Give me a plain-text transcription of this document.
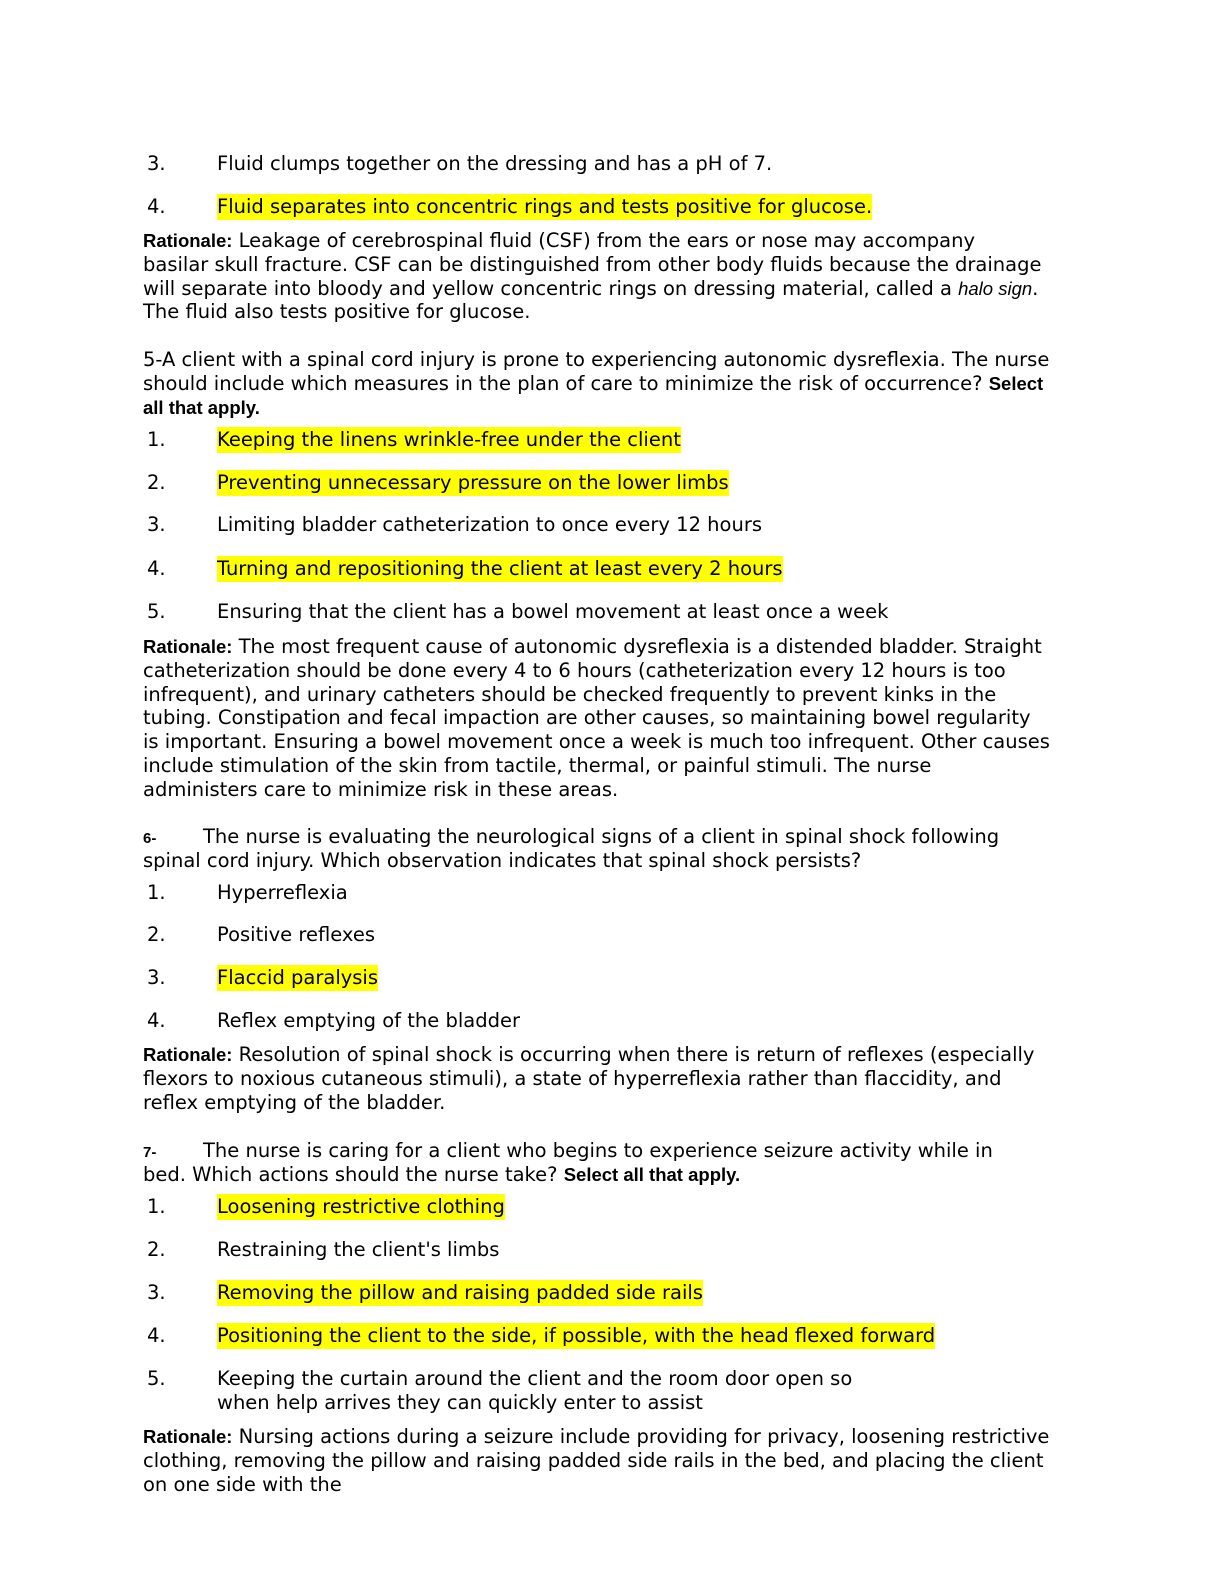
3.	Fluid clumps together on the dressing and has a pH of 7.
4.	Fluid separates into concentric rings and tests positive for glucose.
Rationale: Leakage of cerebrospinal fluid (CSF) from the ears or nose may accompany
basilar skull fracture. CSF can be distinguished from other body fluids because the drainage
will separate into bloody and yellow concentric rings on dressing material, called a halo sign.
The fluid also tests positive for glucose.
5-A client with a spinal cord injury is prone to experiencing autonomic dysreflexia. The nurse
should include which measures in the plan of care to minimize the risk of occurrence? Select
all that apply.
1.	Keeping the linens wrinkle-free under the client
2.	Preventing unnecessary pressure on the lower limbs
3.	Limiting bladder catheterization to once every 12 hours
4.	Turning and repositioning the client at least every 2 hours
5.	Ensuring that the client has a bowel movement at least once a week
Rationale: The most frequent cause of autonomic dysreflexia is a distended bladder. Straight
catheterization should be done every 4 to 6 hours (catheterization every 12 hours is too
infrequent), and urinary catheters should be checked frequently to prevent kinks in the
tubing. Constipation and fecal impaction are other causes, so maintaining bowel regularity
is important. Ensuring a bowel movement once a week is much too infrequent. Other causes
include stimulation of the skin from tactile, thermal, or painful stimuli. The nurse
administers care to minimize risk in these areas.
6- The nurse is evaluating the neurological signs of a client in spinal shock following
spinal cord injury. Which observation indicates that spinal shock persists?
1.	Hyperreflexia
2.	Positive reflexes
3.	Flaccid paralysis
4.	Reflex emptying of the bladder
Rationale: Resolution of spinal shock is occurring when there is return of reflexes (especially
flexors to noxious cutaneous stimuli), a state of hyperreflexia rather than flaccidity, and
reflex emptying of the bladder.
7- The nurse is caring for a client who begins to experience seizure activity while in
bed. Which actions should the nurse take? Select all that apply.
1.	Loosening restrictive clothing
2.	Restraining the client's limbs
3.	Removing the pillow and raising padded side rails
4.	Positioning the client to the side, if possible, with the head flexed forward
5.	Keeping the curtain around the client and the room door open so
when help arrives they can quickly enter to assist
Rationale: Nursing actions during a seizure include providing for privacy, loosening restrictive
clothing, removing the pillow and raising padded side rails in the bed, and placing the client
on one side with the
